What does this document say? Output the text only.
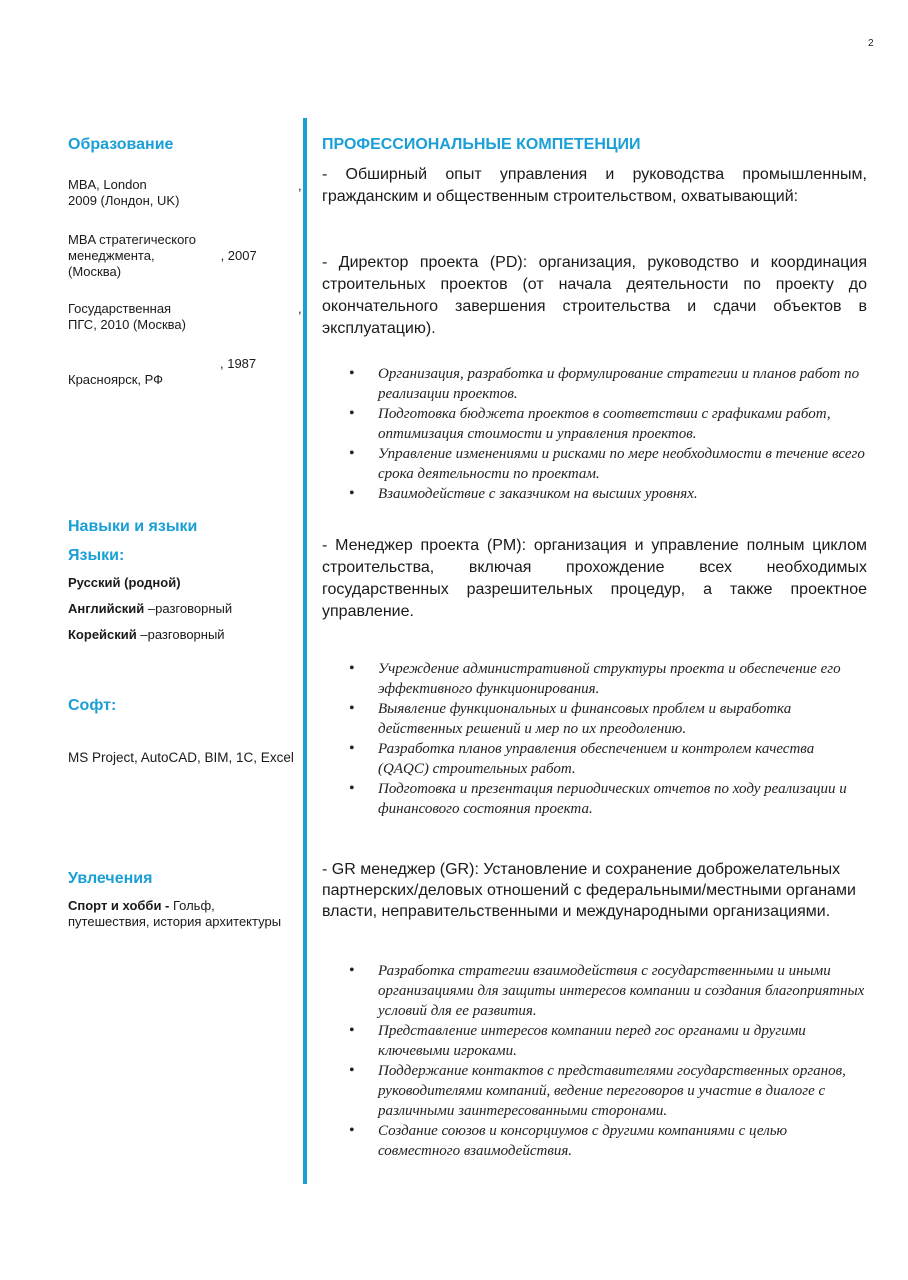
2
Образование
MBA, London
2009 (Лондон, UK)
,
MBA стратегического
менеджмента,	, 2007
(Москва)
Государственная
ПГС, 2010 (Москва)
,
, 1987
Красноярск, РФ
Навыки и языки
Языки:
Русский (родной)
Английский –разговорный
Корейский –разговорный
Софт:
MS Project, AutoCAD, BIM, 1С, Excel
Увлечения
Спорт и хобби - Гольф,
путешествия, история архитектуры
ПРОФЕССИОНАЛЬНЫЕ КОМПЕТЕНЦИИ
- Обширный опыт управления и руководства промышленным, гражданским и общественным строительством, охватывающий:
- Директор проекта (PD): организация, руководство и координация строительных проектов (от начала деятельности по проекту до окончательного завершения строительства и сдачи объектов в эксплуатацию).
• Организация, разработка и формулирование стратегии и планов работ по реализации проектов.
• Подготовка бюджета проектов в соответствии с графиками работ, оптимизация стоимости и управления проектов.
• Управление изменениями и рисками по мере необходимости в течение всего срока деятельности по проектам.
• Взаимодействие с заказчиком на высших уровнях.
- Менеджер проекта (PM): организация и управление полным циклом строительства, включая прохождение всех необходимых государственных разрешительных процедур, а также проектное управление.
• Учреждение административной структуры проекта и обеспечение его эффективного функционирования.
• Выявление функциональных и финансовых проблем и выработка действенных решений и мер по их преодолению.
• Разработка планов управления обеспечением и контролем качества (QAQC) строительных работ.
• Подготовка и презентация периодических отчетов по ходу реализации и финансового состояния проекта.
- GR менеджер (GR): Установление и сохранение доброжелательных партнерских/деловых отношений с федеральными/местными органами власти, неправительственными и международными организациями.
• Разработка стратегии взаимодействия с государственными и иными организациями для защиты интересов компании и создания благоприятных условий для ее развития.
• Представление интересов компании перед гос органами и другими ключевыми игроками.
• Поддержание контактов с представителями государственных органов, руководителями компаний, ведение переговоров и участие в диалоге с различными заинтересованными сторонами.
• Создание союзов и консорциумов с другими компаниями с целью совместного взаимодействия.
